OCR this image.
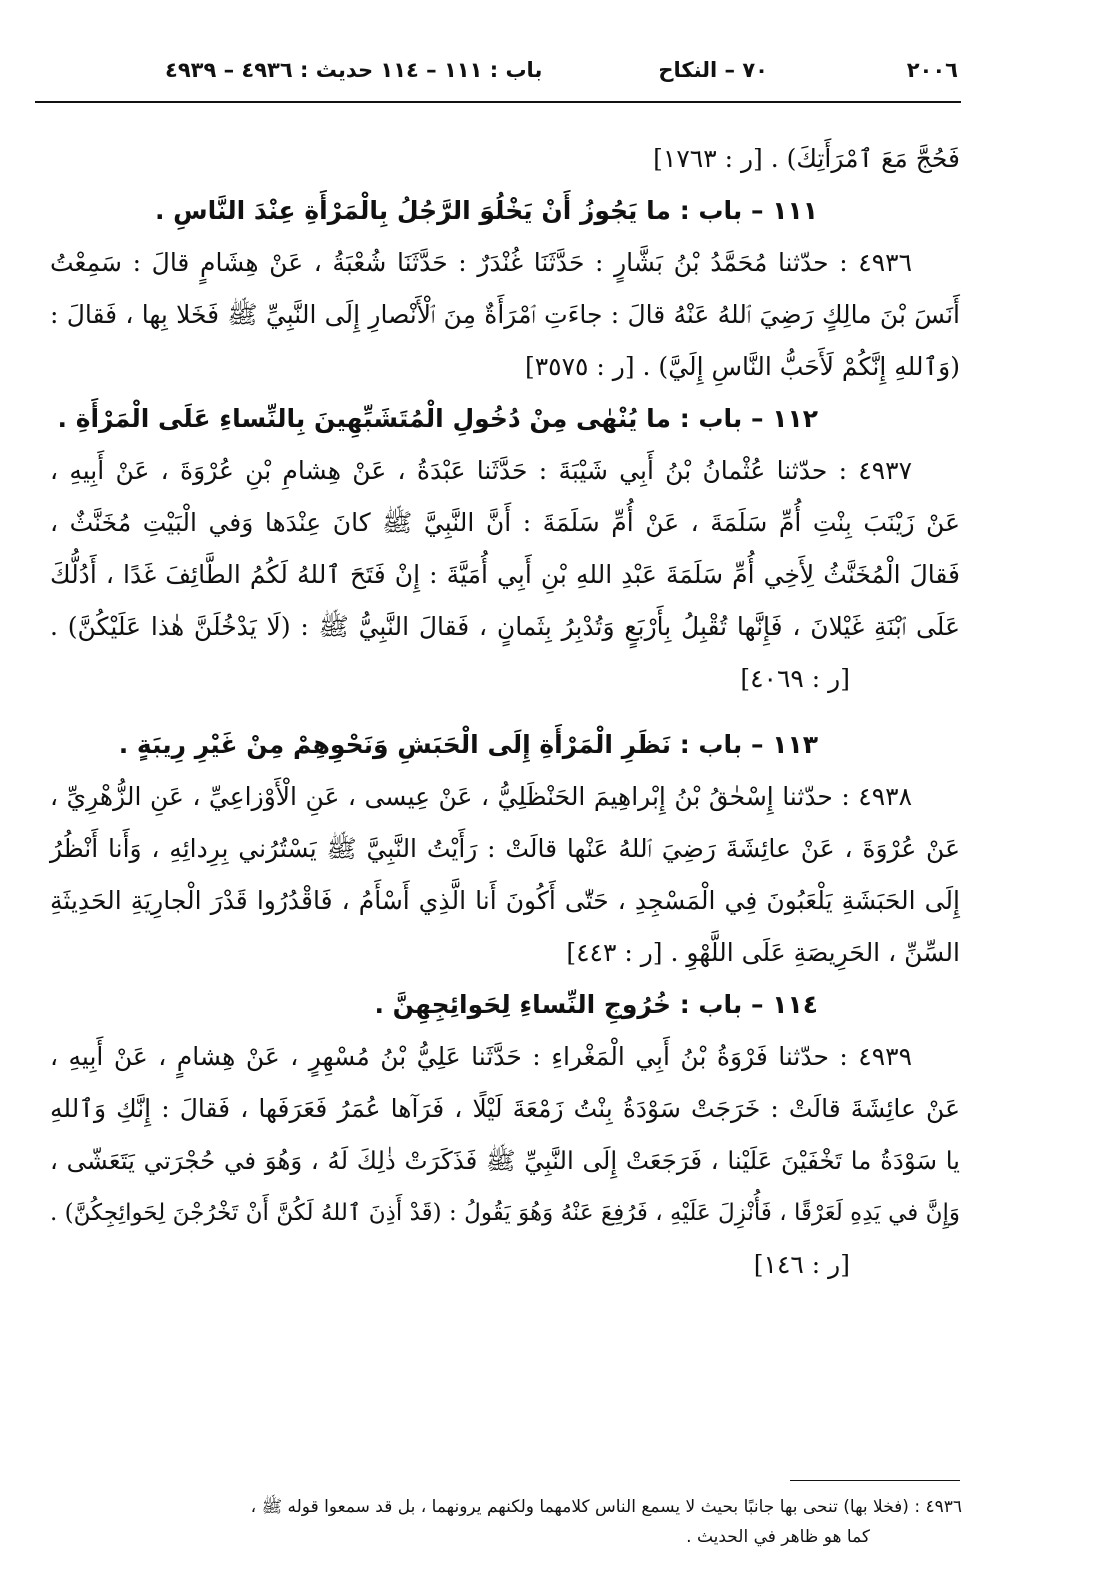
٢٠٠٦
٧٠ – النكاح
باب : ١١١ – ١١٤ حديث : ٤٩٣٦ – ٤٩٣٩
فَحُجَّ مَعَ ٱمْرَأَتِكَ) . [ر : ١٧٦٣]
١١١ – باب : ما يَجُوزُ أَنْ يَخْلُوَ الرَّجُلُ بِالْمَرْأَةِ عِنْدَ النَّاسِ .
٤٩٣٦ : حدّثنا مُحَمَّدُ بْنُ بَشَّارٍ : حَدَّثَنَا غُنْدَرٌ : حَدَّثَنَا شُعْبَةُ ، عَنْ هِشَامٍ قالَ : سَمِعْتُ
أَنَسَ بْنَ مالِكٍ رَضِيَ ٱللهُ عَنْهُ قالَ : جاءَتِ ٱمْرَأَةٌ مِنَ ٱلْأَنْصارِ إِلَى النَّبِيِّ ﷺ فَخَلا بِها ، فَقالَ :
(وَٱللهِ إِنَّكُمْ لَأَحَبُّ النَّاسِ إِلَيَّ) . [ر : ٣٥٧٥]
١١٢ – باب : ما يُنْهٰى مِنْ دُخُولِ الْمُتَشَبِّهِينَ بِالنِّساءِ عَلَى الْمَرْأَةِ .
٤٩٣٧ : حدّثنا عُثْمانُ بْنُ أَبِي شَيْبَةَ : حَدَّثَنا عَبْدَةُ ، عَنْ هِشامِ بْنِ عُرْوَةَ ، عَنْ أَبِيهِ ،
عَنْ زَيْنَبَ بِنْتِ أُمِّ سَلَمَةَ ، عَنْ أُمِّ سَلَمَةَ : أَنَّ النَّبِيَّ ﷺ كانَ عِنْدَها وَفي الْبَيْتِ مُخَنَّثٌ ،
فَقالَ الْمُخَنَّثُ لِأَخِي أُمِّ سَلَمَةَ عَبْدِ اللهِ بْنِ أَبِي أُمَيَّةَ : إِنْ فَتَحَ ٱللهُ لَكُمُ الطَّائِفَ غَدًا ، أَدُلُّكَ
عَلَى ٱبْنَةِ غَيْلانَ ، فَإِنَّها تُقْبِلُ بِأَرْبَعٍ وَتُدْبِرُ بِثَمانٍ ، فَقالَ النَّبِيُّ ﷺ : (لَا يَدْخُلَنَّ هٰذا عَلَيْكُنَّ) .
[ر : ٤٠٦٩]
١١٣ – باب : نَظَرِ الْمَرْأَةِ إِلَى الْحَبَشِ وَنَحْوِهِمْ مِنْ غَيْرِ رِيبَةٍ .
٤٩٣٨ : حدّثنا إِسْحٰقُ بْنُ إِبْراهِيمَ الحَنْظَلِيُّ ، عَنْ عِيسى ، عَنِ الْأَوْزاعِيِّ ، عَنِ الزُّهْرِيِّ ،
عَنْ عُرْوَةَ ، عَنْ عائِشَةَ رَضِيَ ٱللهُ عَنْها قالَتْ : رَأَيْتُ النَّبِيَّ ﷺ يَسْتُرُني بِرِدائِهِ ، وَأَنا أَنْظُرُ
إِلَى الحَبَشَةِ يَلْعَبُونَ فِي الْمَسْجِدِ ، حَتّٰى أَكُونَ أَنا الَّذِي أَسْأَمُ ، فَاقْدُرُوا قَدْرَ الْجارِيَةِ الحَدِيثَةِ
السِّنِّ ، الحَرِيصَةِ عَلَى اللَّهْوِ . [ر : ٤٤٣]
١١٤ – باب : خُرُوجِ النِّساءِ لِحَوائِجِهِنَّ .
٤٩٣٩ : حدّثنا فَرْوَةُ بْنُ أَبِي الْمَغْراءِ : حَدَّثَنا عَلِيُّ بْنُ مُسْهِرٍ ، عَنْ هِشامٍ ، عَنْ أَبِيهِ ،
عَنْ عائِشَةَ قالَتْ : خَرَجَتْ سَوْدَةُ بِنْتُ زَمْعَةَ لَيْلًا ، فَرَآها عُمَرُ فَعَرَفَها ، فَقالَ : إِنَّكِ وَٱللهِ
يا سَوْدَةُ ما تَخْفَيْنَ عَلَيْنا ، فَرَجَعَتْ إِلَى النَّبِيِّ ﷺ فَذَكَرَتْ ذٰلِكَ لَهُ ، وَهُوَ في حُجْرَتي يَتَعَشّى ،
وَإِنَّ في يَدِهِ لَعَرْقًا ، فَأُنْزِلَ عَلَيْهِ ، فَرُفِعَ عَنْهُ وَهُوَ يَقُولُ : (قَدْ أَذِنَ ٱللهُ لَكُنَّ أَنْ تَخْرُجْنَ لِحَوائِجِكُنَّ) .
[ر : ١٤٦]
٤٩٣٦ : (فخلا بها) تنحى بها جانبًا بحيث لا يسمع الناس كلامهما ولكنهم يرونهما ، بل قد سمعوا قوله ﷺ ،
كما هو ظاهر في الحديث .
